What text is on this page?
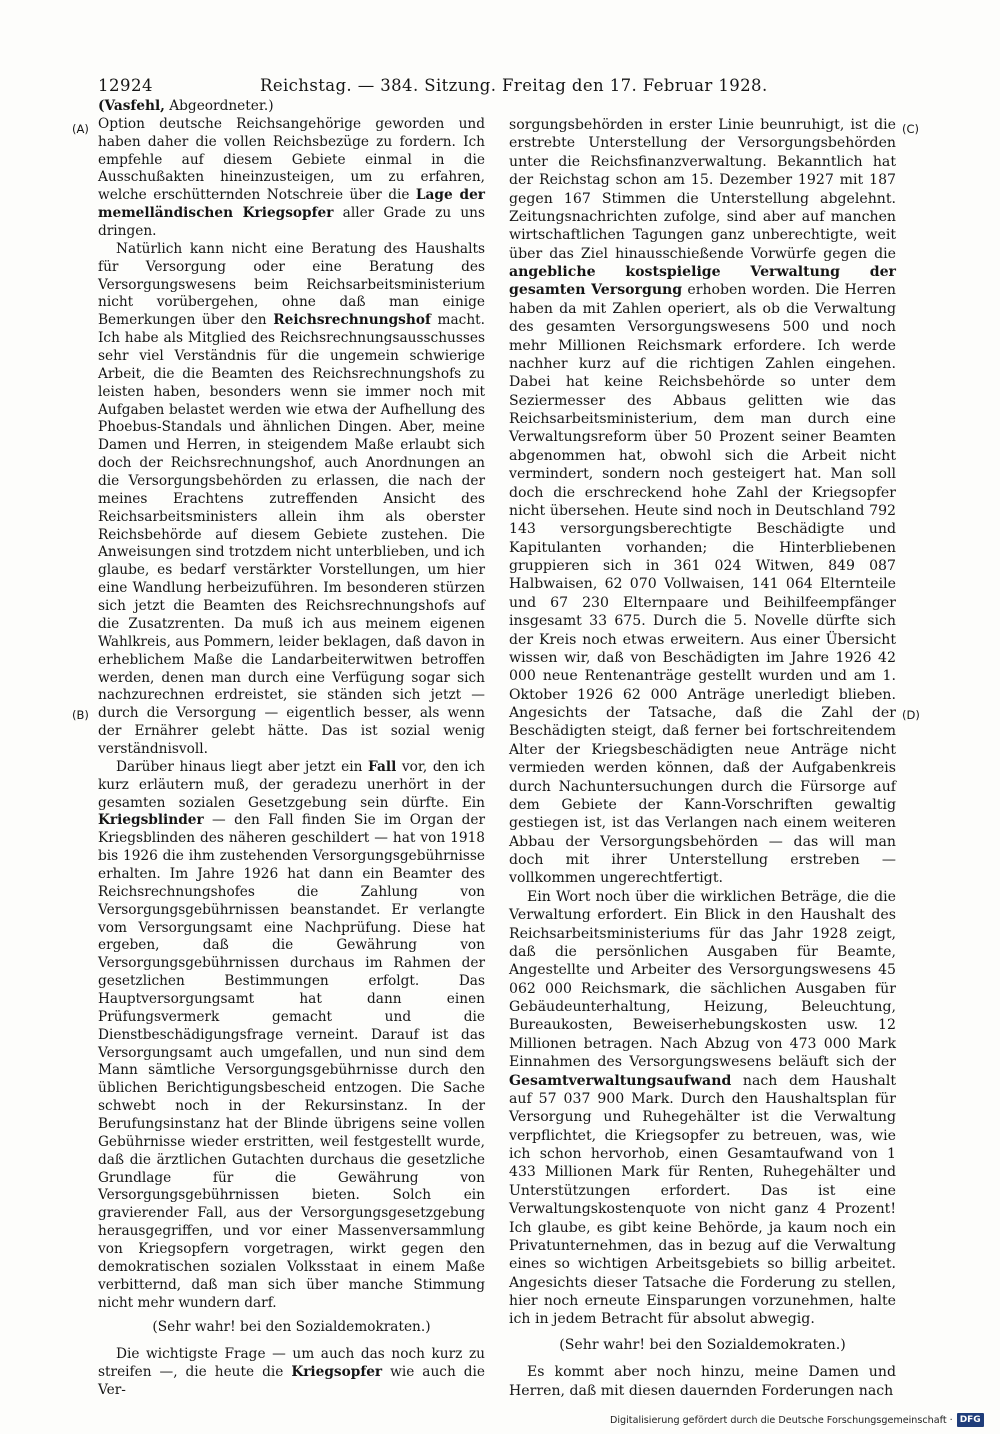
12924	Reichstag. — 384. Sitzung. Freitag den 17. Februar 1928.
(A)
(B)
(C)
(D)

(Vasfehl, Abgeordneter.)

Option deutsche Reichsangehörige geworden und haben daher die vollen Reichsbezüge zu fordern. Ich empfehle auf diesem Gebiete einmal in die Ausschußakten hineinzusteigen, um zu erfahren, welche erschütternden Notschreie über die Lage der memelländischen Kriegsopfer aller Grade zu uns dringen.

Natürlich kann nicht eine Beratung des Haushalts für Versorgung oder eine Beratung des Versorgungswesens beim Reichsarbeitsministerium nicht vorübergehen, ohne daß man einige Bemerkungen über den Reichsrechnungshof macht. Ich habe als Mitglied des Reichsrechnungsausschusses sehr viel Verständnis für die ungemein schwierige Arbeit, die die Beamten des Reichsrechnungshofs zu leisten haben, besonders wenn sie immer noch mit Aufgaben belastet werden wie etwa der Aufhellung des Phoebus-Standals und ähnlichen Dingen. Aber, meine Damen und Herren, in steigendem Maße erlaubt sich doch der Reichsrechnungshof, auch Anordnungen an die Versorgungsbehörden zu erlassen, die nach der meines Erachtens zutreffenden Ansicht des Reichsarbeitsministers allein ihm als oberster Reichsbehörde auf diesem Gebiete zustehen. Die Anweisungen sind trotzdem nicht unterblieben, und ich glaube, es bedarf verstärkter Vorstellungen, um hier eine Wandlung herbeizuführen. Im besonderen stürzen sich jetzt die Beamten des Reichsrechnungshofs auf die Zusatzrenten. Da muß ich aus meinem eigenen Wahlkreis, aus Pommern, leider beklagen, daß davon in erheblichem Maße die Landarbeiterwitwen betroffen werden, denen man durch eine Verfügung sogar sich nachzurechnen erdreistet, sie ständen sich jetzt — durch die Versorgung — eigentlich besser, als wenn der Ernährer gelebt hätte. Das ist sozial wenig verständnisvoll.

Darüber hinaus liegt aber jetzt ein Fall vor, den ich kurz erläutern muß, der geradezu unerhört in der gesamten sozialen Gesetzgebung sein dürfte. Ein Kriegsblinder — den Fall finden Sie im Organ der Kriegsblinden des näheren geschildert — hat von 1918 bis 1926 die ihm zustehenden Versorgungsgebührnisse erhalten. Im Jahre 1926 hat dann ein Beamter des Reichsrechnungshofes die Zahlung von Versorgungsgebührnissen beanstandet. Er verlangte vom Versorgungsamt eine Nachprüfung. Diese hat ergeben, daß die Gewährung von Versorgungsgebührnissen durchaus im Rahmen der gesetzlichen Bestimmungen erfolgt. Das Hauptversorgungsamt hat dann einen Prüfungsvermerk gemacht und die Dienstbeschädigungsfrage verneint. Darauf ist das Versorgungsamt auch umgefallen, und nun sind dem Mann sämtliche Versorgungsgebührnisse durch den üblichen Berichtigungsbescheid entzogen. Die Sache schwebt noch in der Rekursinstanz. In der Berufungsinstanz hat der Blinde übrigens seine vollen Gebührnisse wieder erstritten, weil festgestellt wurde, daß die ärztlichen Gutachten durchaus die gesetzliche Grundlage für die Gewährung von Versorgungsgebührnissen bieten. Solch ein gravierender Fall, aus der Versorgungsgesetzgebung herausgegriffen, und vor einer Massenversammlung von Kriegsopfern vorgetragen, wirkt gegen den demokratischen sozialen Volksstaat in einem Maße verbitternd, daß man sich über manche Stimmung nicht mehr wundern darf.

(Sehr wahr! bei den Sozialdemokraten.)

Die wichtigste Frage — um auch das noch kurz zu streifen —, die heute die Kriegsopfer wie auch die Ver-

sorgungsbehörden in erster Linie beunruhigt, ist die erstrebte Unterstellung der Versorgungsbehörden unter die Reichsfinanzverwaltung. Bekanntlich hat der Reichstag schon am 15. Dezember 1927 mit 187 gegen 167 Stimmen die Unterstellung abgelehnt. Zeitungsnachrichten zufolge, sind aber auf manchen wirtschaftlichen Tagungen ganz unberechtigte, weit über das Ziel hinausschießende Vorwürfe gegen die angebliche kostspielige Verwaltung der gesamten Versorgung erhoben worden. Die Herren haben da mit Zahlen operiert, als ob die Verwaltung des gesamten Versorgungswesens 500 und noch mehr Millionen Reichsmark erfordere. Ich werde nachher kurz auf die richtigen Zahlen eingehen. Dabei hat keine Reichsbehörde so unter dem Seziermesser des Abbaus gelitten wie das Reichsarbeitsministerium, dem man durch eine Verwaltungsreform über 50 Prozent seiner Beamten abgenommen hat, obwohl sich die Arbeit nicht vermindert, sondern noch gesteigert hat. Man soll doch die erschreckend hohe Zahl der Kriegsopfer nicht übersehen. Heute sind noch in Deutschland 792 143 versorgungsberechtigte Beschädigte und Kapitulanten vorhanden; die Hinterbliebenen gruppieren sich in 361 024 Witwen, 849 087 Halbwaisen, 62 070 Vollwaisen, 141 064 Elternteile und 67 230 Elternpaare und Beihilfeempfänger insgesamt 33 675. Durch die 5. Novelle dürfte sich der Kreis noch etwas erweitern. Aus einer Übersicht wissen wir, daß von Beschädigten im Jahre 1926 42 000 neue Rentenanträge gestellt wurden und am 1. Oktober 1926 62 000 Anträge unerledigt blieben. Angesichts der Tatsache, daß die Zahl der Beschädigten steigt, daß ferner bei fortschreitendem Alter der Kriegsbeschädigten neue Anträge nicht vermieden werden können, daß der Aufgabenkreis durch Nachuntersuchungen durch die Fürsorge auf dem Gebiete der Kann-Vorschriften gewaltig gestiegen ist, ist das Verlangen nach einem weiteren Abbau der Versorgungsbehörden — das will man doch mit ihrer Unterstellung erstreben — vollkommen ungerechtfertigt.

Ein Wort noch über die wirklichen Beträge, die die Verwaltung erfordert. Ein Blick in den Haushalt des Reichsarbeitsministeriums für das Jahr 1928 zeigt, daß die persönlichen Ausgaben für Beamte, Angestellte und Arbeiter des Versorgungswesens 45 062 000 Reichsmark, die sächlichen Ausgaben für Gebäudeunterhaltung, Heizung, Beleuchtung, Bureaukosten, Beweiserhebungskosten usw. 12 Millionen betragen. Nach Abzug von 473 000 Mark Einnahmen des Versorgungswesens beläuft sich der Gesamtverwaltungsaufwand nach dem Haushalt auf 57 037 900 Mark. Durch den Haushaltsplan für Versorgung und Ruhegehälter ist die Verwaltung verpflichtet, die Kriegsopfer zu betreuen, was, wie ich schon hervorhob, einen Gesamtaufwand von 1 433 Millionen Mark für Renten, Ruhegehälter und Unterstützungen erfordert. Das ist eine Verwaltungskostenquote von nicht ganz 4 Prozent! Ich glaube, es gibt keine Behörde, ja kaum noch ein Privatunternehmen, das in bezug auf die Verwaltung eines so wichtigen Arbeitsgebiets so billig arbeitet. Angesichts dieser Tatsache die Forderung zu stellen, hier noch erneute Einsparungen vorzunehmen, halte ich in jedem Betracht für absolut abwegig.

(Sehr wahr! bei den Sozialdemokraten.)

Es kommt aber noch hinzu, meine Damen und Herren, daß mit diesen dauernden Forderungen nach

Digitalisierung gefördert durch die Deutsche Forschungsgemeinschaft · DFG
